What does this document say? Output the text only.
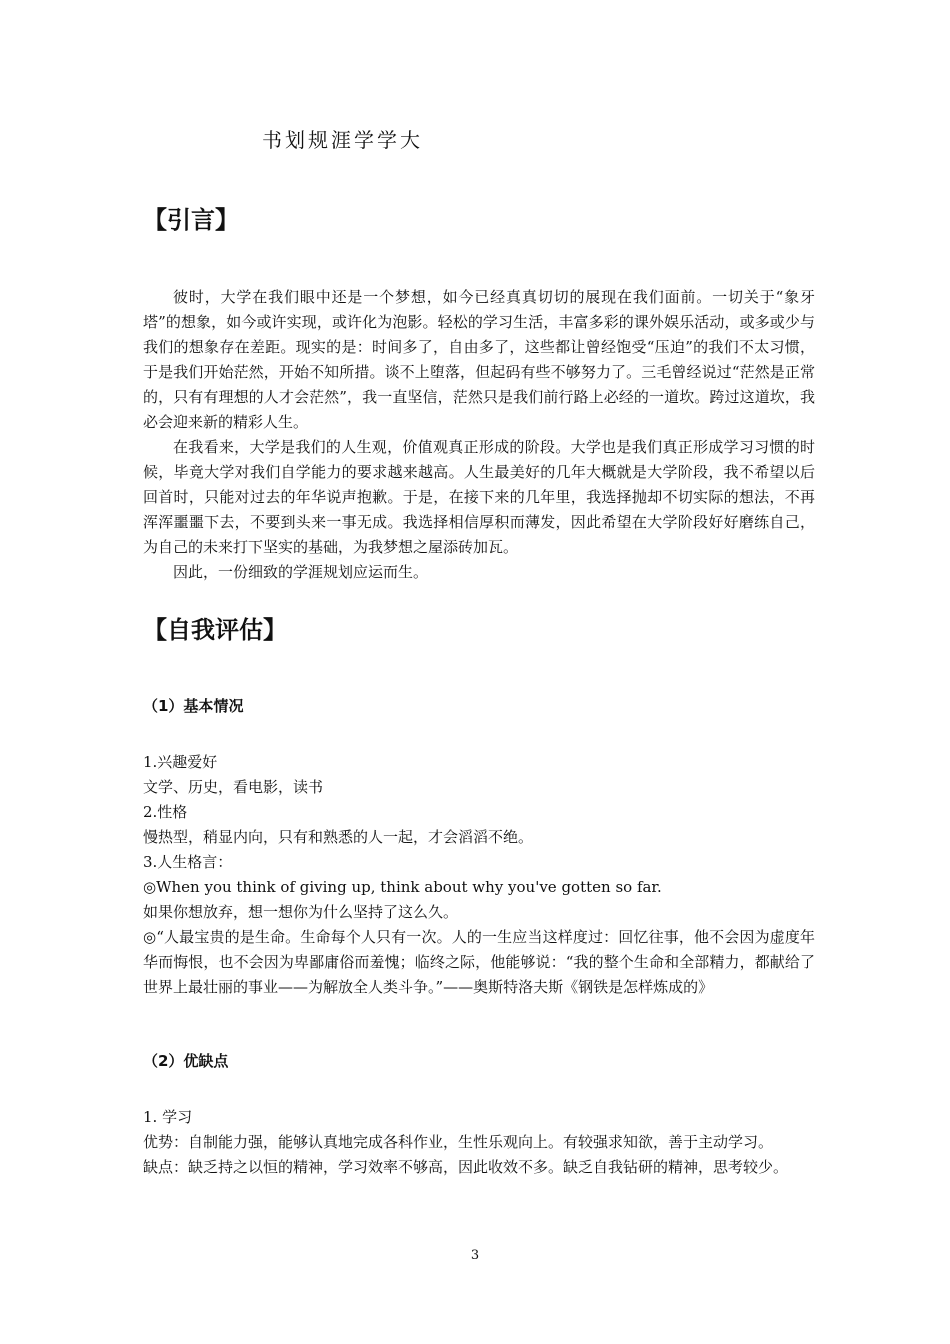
书划规涯学学大
【引言】

彼时，大学在我们眼中还是一个梦想，如今已经真真切切的展现在我们面前。一切关于“象牙塔”的想象，如今或许实现，或许化为泡影。轻松的学习生活，丰富多彩的课外娱乐活动，或多或少与我们的想象存在差距。现实的是：时间多了，自由多了，这些都让曾经饱受“压迫”的我们不太习惯，于是我们开始茫然，开始不知所措。谈不上堕落，但起码有些不够努力了。三毛曾经说过“茫然是正常的，只有有理想的人才会茫然”，我一直坚信，茫然只是我们前行路上必经的一道坎。跨过这道坎，我必会迎来新的精彩人生。

在我看来，大学是我们的人生观，价值观真正形成的阶段。大学也是我们真正形成学习习惯的时候，毕竟大学对我们自学能力的要求越来越高。人生最美好的几年大概就是大学阶段，我不希望以后回首时，只能对过去的年华说声抱歉。于是，在接下来的几年里，我选择抛却不切实际的想法，不再浑浑噩噩下去，不要到头来一事无成。我选择相信厚积而薄发，因此希望在大学阶段好好磨练自己，为自己的未来打下坚实的基础，为我梦想之屋添砖加瓦。

因此，一份细致的学涯规划应运而生。

【自我评估】
（1）基本情况
1.兴趣爱好
文学、历史，看电影，读书
2.性格
慢热型，稍显内向，只有和熟悉的人一起，才会滔滔不绝。
3.人生格言：
◎When you think of giving up, think about why you've gotten so far.
如果你想放弃，想一想你为什么坚持了这么久。
◎“人最宝贵的是生命。生命每个人只有一次。人的一生应当这样度过：回忆往事，他不会因为虚度年华而悔恨，也不会因为卑鄙庸俗而羞愧；临终之际，他能够说：“我的整个生命和全部精力，都献给了世界上最壮丽的事业——为解放全人类斗争。”——奥斯特洛夫斯《钢铁是怎样炼成的》
（2）优缺点
1. 学习
优势：自制能力强，能够认真地完成各科作业，生性乐观向上。有较强求知欲，善于主动学习。
缺点：缺乏持之以恒的精神，学习效率不够高，因此收效不多。缺乏自我钻研的精神，思考较少。
3
